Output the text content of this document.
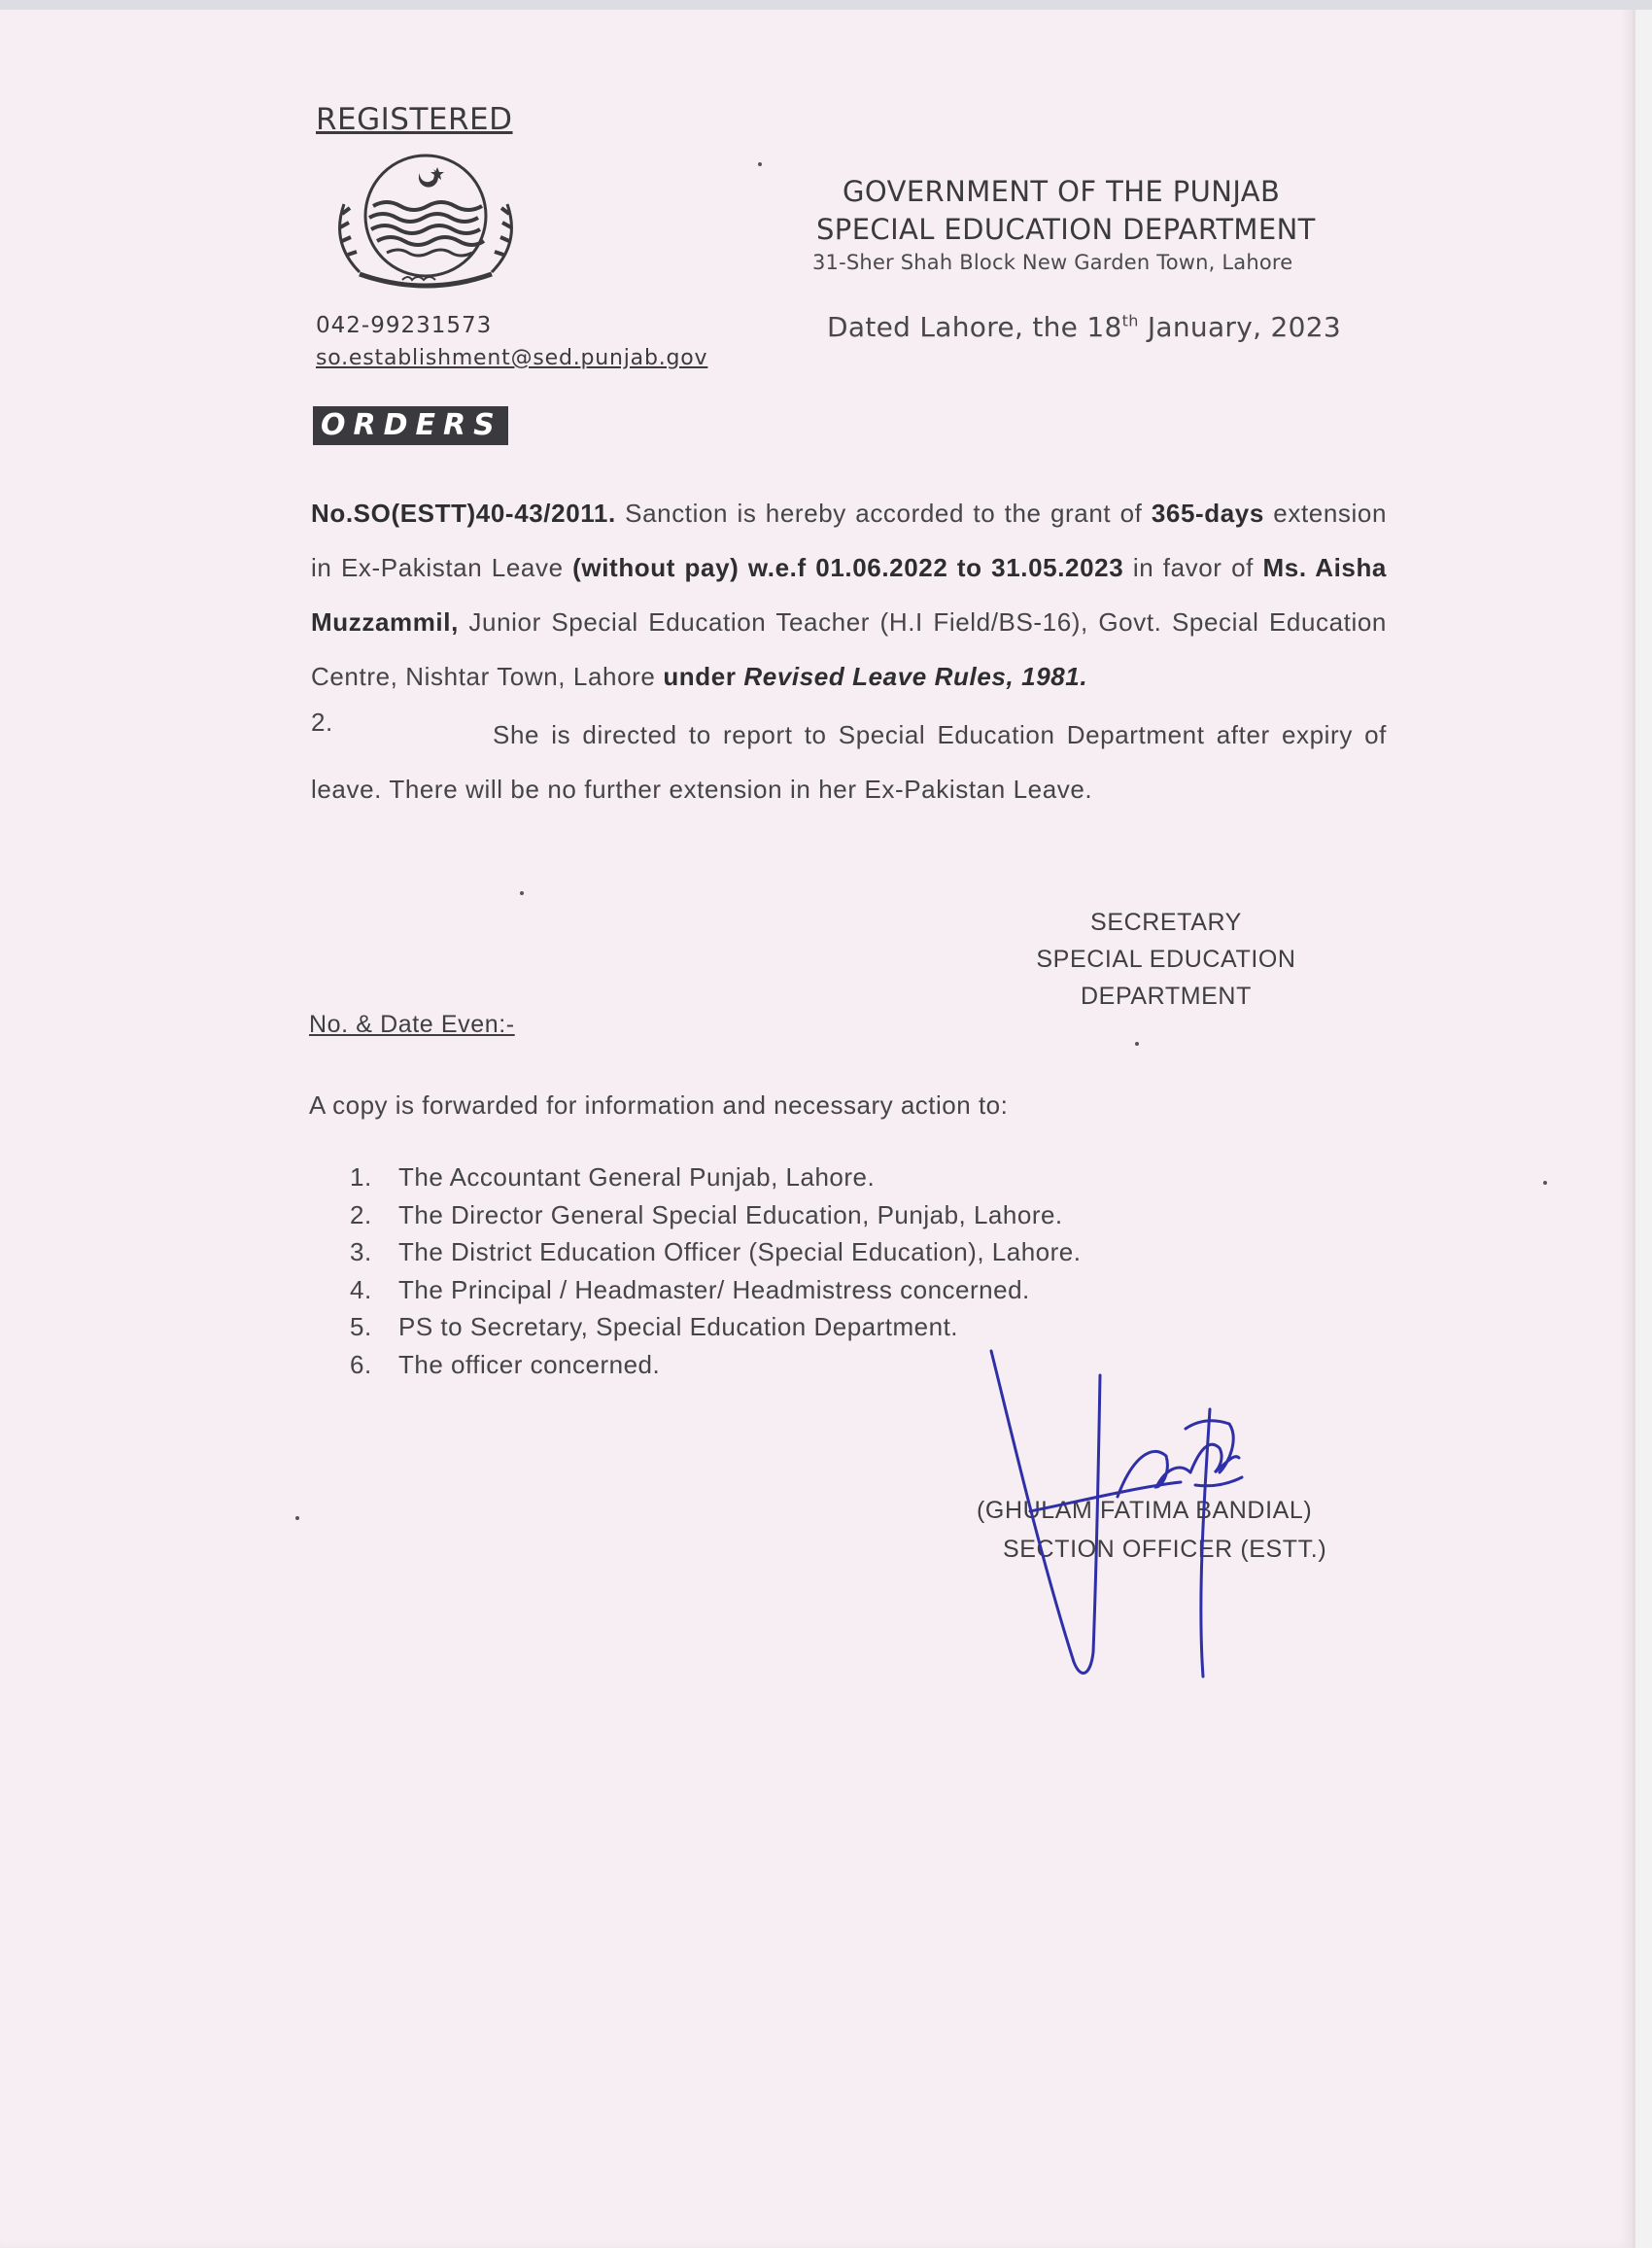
REGISTERED
042-99231573
so.establishment@sed.punjab.gov
GOVERNMENT OF THE PUNJAB
SPECIAL EDUCATION DEPARTMENT
31-Sher Shah Block New Garden Town, Lahore
Dated Lahore, the 18th January, 2023
ORDERS
No.SO(ESTT)40-43/2011. Sanction is hereby accorded to the grant of 365-days extension in Ex-Pakistan Leave (without pay) w.e.f 01.06.2022 to 31.05.2023 in favor of Ms. Aisha Muzzammil, Junior Special Education Teacher (H.I Field/BS-16), Govt. Special Education Centre, Nishtar Town, Lahore under Revised Leave Rules, 1981.
She is directed to report to Special Education Department after expiry of leave. There will be no further extension in her Ex-Pakistan Leave.
2.
SECRETARY
SPECIAL EDUCATION
DEPARTMENT
No. & Date Even:-
A copy is forwarded for information and necessary action to:
1. The Accountant General Punjab, Lahore.
2. The Director General Special Education, Punjab, Lahore.
3. The District Education Officer (Special Education), Lahore.
4. The Principal / Headmaster/ Headmistress concerned.
5. PS to Secretary, Special Education Department.
6. The officer concerned.
(GHULAM FATIMA BANDIAL)
SECTION OFFICER (ESTT.)
